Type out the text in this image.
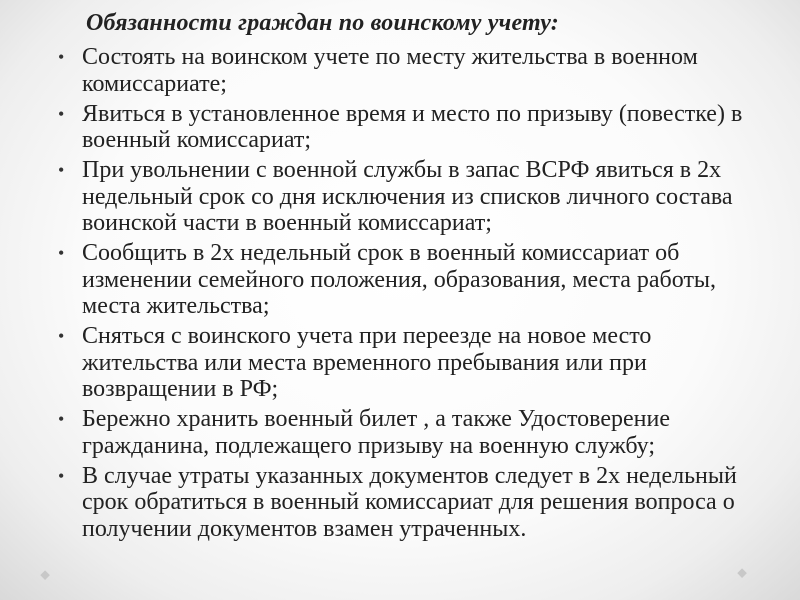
Обязанности граждан по воинскому учету:
• Состоять на воинском учете по месту жительства в военном комиссариате;
• Явиться в установленное время и место по призыву (повестке) в военный комиссариат;
• При увольнении с военной службы в запас ВСРФ явиться в 2х недельный срок со дня исключения из списков личного состава воинской части в военный комиссариат;
• Сообщить в 2х недельный срок в военный комиссариат об изменении семейного положения, образования, места работы, места жительства;
• Сняться с воинского учета при переезде на новое место жительства или места временного пребывания или при возвращении в РФ;
• Бережно хранить военный билет , а также Удостоверение гражданина, подлежащего призыву на военную службу;
• В случае утраты указанных документов следует в 2х недельный срок обратиться в военный комиссариат для решения вопроса о получении документов взамен утраченных.
■	■
